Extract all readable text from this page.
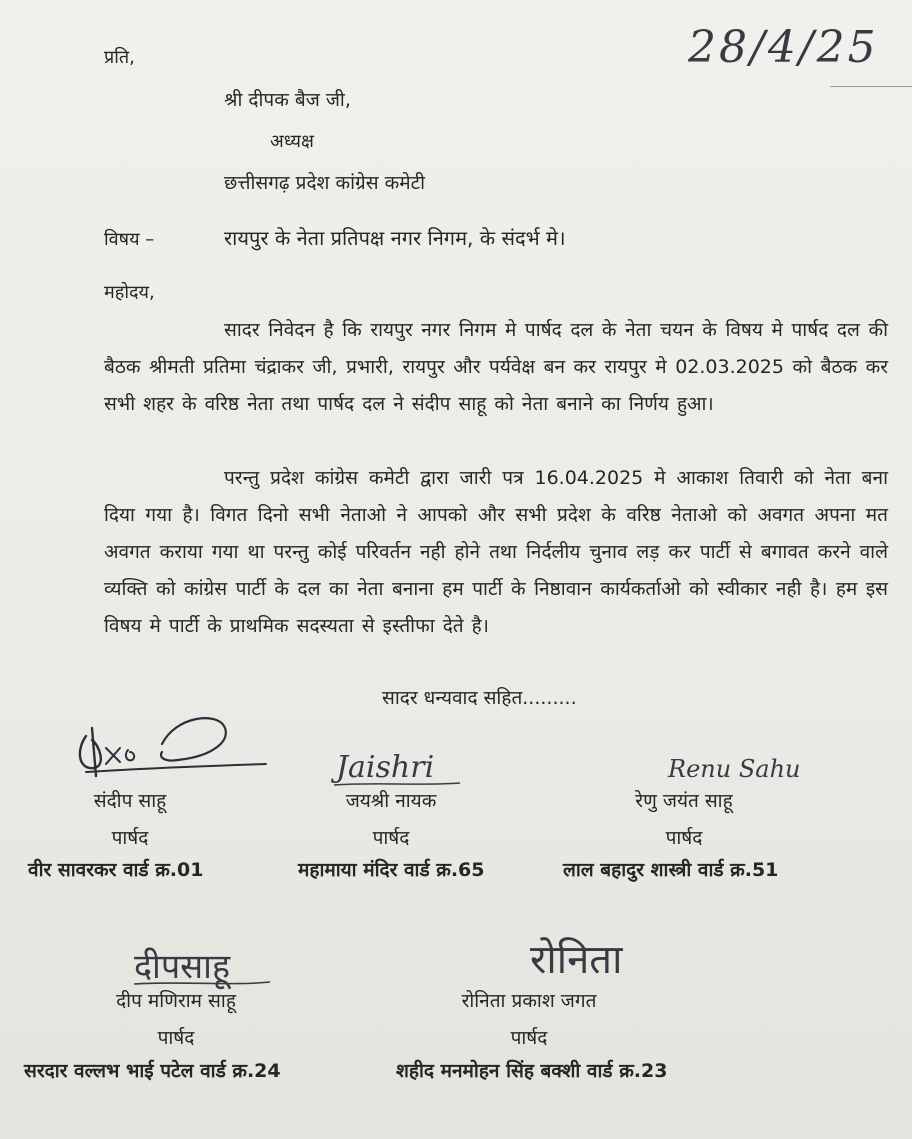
प्रति,	28/4/25
श्री दीपक बैज जी,
अध्यक्ष
छत्तीसगढ़ प्रदेश कांग्रेस कमेटी
विषय –	रायपुर के नेता प्रतिपक्ष नगर निगम, के संदर्भ मे।
महोदय,
सादर निवेदन है कि रायपुर नगर निगम मे पार्षद दल के नेता चयन के विषय मे पार्षद दल की बैठक श्रीमती प्रतिमा चंद्राकर जी, प्रभारी, रायपुर और पर्यवेक्ष बन कर रायपुर मे 02.03.2025 को बैठक कर सभी शहर के वरिष्ठ नेता तथा पार्षद दल ने संदीप साहू को नेता बनाने का निर्णय हुआ।
परन्तु प्रदेश कांग्रेस कमेटी द्वारा जारी पत्र 16.04.2025 मे आकाश तिवारी को नेता बना दिया गया है। विगत दिनो सभी नेताओ ने आपको और सभी प्रदेश के वरिष्ठ नेताओ को अवगत अपना मत अवगत कराया गया था परन्तु कोई परिवर्तन नही होने तथा निर्दलीय चुनाव लड़ कर पार्टी से बगावत करने वाले व्यक्ति को कांग्रेस पार्टी के दल का नेता बनाना हम पार्टी के निष्ठावान कार्यकर्ताओ को स्वीकार नही है। हम इस विषय मे पार्टी के प्राथमिक सदस्यता से इस्तीफा देते है।
सादर धन्यवाद सहित.........
Jaishri	Renu Sahu
संदीप साहू
पार्षद
वीर सावरकर वार्ड क्र.01
जयश्री नायक
पार्षद
महामाया मंदिर वार्ड क्र.65
रेणु जयंत साहू
पार्षद
लाल बहादुर शास्त्री वार्ड क्र.51
दीपसाहू	रोनिता
दीप मणिराम साहू
पार्षद
सरदार वल्लभ भाई पटेल वार्ड क्र.24
रोनिता प्रकाश जगत
पार्षद
शहीद मनमोहन सिंह बक्शी वार्ड क्र.23
